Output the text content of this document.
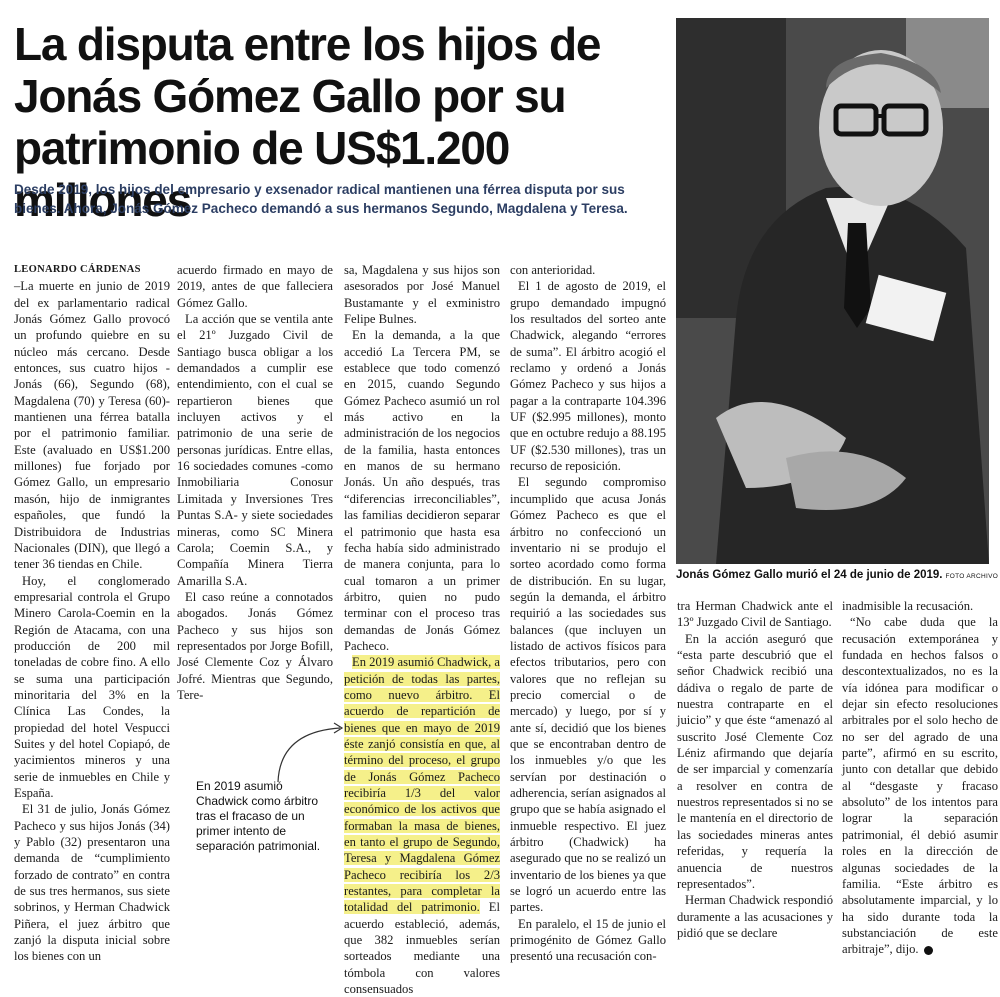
La disputa entre los hijos de Jonás Gómez Gallo por su patrimonio de US$1.200 millones

Desde 2019, los hijos del empresario y exsenador radical mantienen una férrea disputa por sus bienes. Ahora, Jonás Gómez Pacheco demandó a sus hermanos Segundo, Magdalena y Teresa.

Jonás Gómez Gallo murió el 24 de junio de 2019. FOTO ARCHIVO

LEONARDO CÁRDENAS

–La muerte en junio de 2019 del ex parlamentario radical Jonás Gómez Gallo provocó un profundo quiebre en su núcleo más cercano. Desde entonces, sus cuatro hijos -Jonás (66), Segundo (68), Magdalena (70) y Teresa (60)- mantienen una férrea batalla por el patrimonio familiar. Este (avaluado en US$1.200 millones) fue forjado por Gómez Gallo, un empresario masón, hijo de inmigrantes españoles, que fundó la Distribuidora de Industrias Nacionales (DIN), que llegó a tener 36 tiendas en Chile.

Hoy, el conglomerado empresarial controla el Grupo Minero Carola-Coemin en la Región de Atacama, con una producción de 200 mil toneladas de cobre fino. A ello se suma una participación minoritaria del 3% en la Clínica Las Condes, la propiedad del hotel Vespucci Suites y del hotel Copiapó, de yacimientos mineros y una serie de inmuebles en Chile y España.

El 31 de julio, Jonás Gómez Pacheco y sus hijos Jonás (34) y Pablo (32) presentaron una demanda de “cumplimiento forzado de contrato” en contra de sus tres hermanos, sus siete sobrinos, y Herman Chadwick Piñera, el juez árbitro que zanjó la disputa inicial sobre los bienes con un

acuerdo firmado en mayo de 2019, antes de que falleciera Gómez Gallo.

La acción que se ventila ante el 21º Juzgado Civil de Santiago busca obligar a los demandados a cumplir ese entendimiento, con el cual se repartieron bienes que incluyen activos y el patrimonio de una serie de personas jurídicas. Entre ellas, 16 sociedades comunes -como Inmobiliaria Conosur Limitada y Inversiones Tres Puntas S.A- y siete sociedades mineras, como SC Minera Carola; Coemin S.A., y Compañía Minera Tierra Amarilla S.A.

El caso reúne a connotados abogados. Jonás Gómez Pacheco y sus hijos son representados por Jorge Bofill, José Clemente Coz y Álvaro Jofré. Mientras que Segundo, Tere-

sa, Magdalena y sus hijos son asesorados por José Manuel Bustamante y el exministro Felipe Bulnes.

En la demanda, a la que accedió La Tercera PM, se establece que todo comenzó en 2015, cuando Segundo Gómez Pacheco asumió un rol más activo en la administración de los negocios de la familia, hasta entonces en manos de su hermano Jonás. Un año después, tras “diferencias irreconciliables”, las familias decidieron separar el patrimonio que hasta esa fecha había sido administrado de manera conjunta, para lo cual tomaron a un primer árbitro, quien no pudo terminar con el proceso tras demandas de Jonás Gómez Pacheco.

En 2019 asumió Chadwick, a petición de todas las partes, como nuevo árbitro. El acuerdo de repartición de bienes que en mayo de 2019 éste zanjó consistía en que, al término del proceso, el grupo de Jonás Gómez Pacheco recibiría 1/3 del valor económico de los activos que formaban la masa de bienes, en tanto el grupo de Segundo, Teresa y Magdalena Gómez Pacheco recibiría los 2/3 restantes, para completar la totalidad del patrimonio. El acuerdo estableció, además, que 382 inmuebles serían sorteados mediante una tómbola con valores consensuados

con anterioridad.

El 1 de agosto de 2019, el grupo demandado impugnó los resultados del sorteo ante Chadwick, alegando “errores de suma”. El árbitro acogió el reclamo y ordenó a Jonás Gómez Pacheco y sus hijos a pagar a la contraparte 104.396 UF ($2.995 millones), monto que en octubre redujo a 88.195 UF ($2.530 millones), tras un recurso de reposición.

El segundo compromiso incumplido que acusa Jonás Gómez Pacheco es que el árbitro no confeccionó un inventario ni se produjo el sorteo acordado como forma de distribución. En su lugar, según la demanda, el árbitro requirió a las sociedades sus balances (que incluyen un listado de activos físicos para efectos tributarios, pero con valores que no reflejan su precio comercial o de mercado) y luego, por sí y ante sí, decidió que los bienes que se encontraban dentro de los inmuebles y/o que les servían por destinación o adherencia, serían asignados al grupo que se había asignado el inmueble respectivo. El juez árbitro (Chadwick) ha asegurado que no se realizó un inventario de los bienes ya que se logró un acuerdo entre las partes.

En paralelo, el 15 de junio el primogénito de Gómez Gallo presentó una recusación con-

tra Herman Chadwick ante el 13º Juzgado Civil de Santiago.

En la acción aseguró que “esta parte descubrió que el señor Chadwick recibió una dádiva o regalo de parte de nuestra contraparte en el juicio” y que éste “amenazó al suscrito José Clemente Coz Léniz afirmando que dejaría de ser imparcial y comenzaría a resolver en contra de nuestros representados si no se le mantenía en el directorio de las sociedades mineras antes referidas, y requería la anuencia de nuestros representados”.

Herman Chadwick respondió duramente a las acusaciones y pidió que se declare

inadmisible la recusación.

“No cabe duda que la recusación extemporánea y fundada en hechos falsos o descontextualizados, no es la vía idónea para modificar o dejar sin efecto resoluciones arbitrales por el solo hecho de no ser del agrado de una parte”, afirmó en su escrito, junto con detallar que debido al “desgaste y fracaso absoluto” de los intentos para lograr la separación patrimonial, él debió asumir roles en la dirección de algunas sociedades de la familia. “Este árbitro es absolutamente imparcial, y lo ha sido durante toda la substanciación de este arbitraje”, dijo.

En 2019 asumió Chadwick como árbitro tras el fracaso de un primer intento de separación patrimonial.
